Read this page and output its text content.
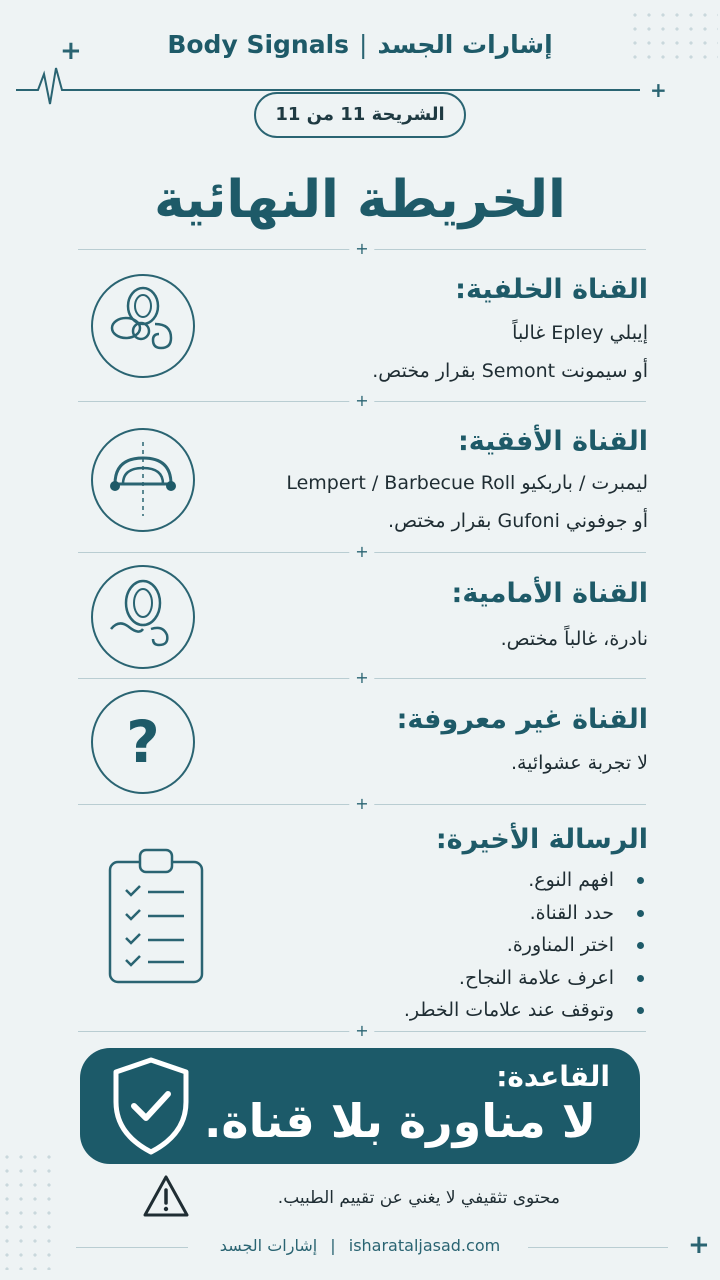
+
+
+
Body Signals | إشارات الجسد
الشريحة 11 من 11
الخريطة النهائية
+
القناة الخلفية:
إيبلي Epley غالباً
أو سيمونت Semont بقرار مختص.
+
القناة الأفقية:
ليمبرت / باربكيو Lempert / Barbecue Roll
أو جوفوني Gufoni بقرار مختص.
+
القناة الأمامية:
نادرة، غالباً مختص.
+
?	القناة غير معروفة:
لا تجربة عشوائية.
+
الرسالة الأخيرة:
افهم النوع.
حدد القناة.
اختر المناورة.
اعرف علامة النجاح.
وتوقف عند علامات الخطر.
+
القاعدة:
لا مناورة بلا قناة.
محتوى تثقيفي لا يغني عن تقييم الطبيب.
إشارات الجسد | isharataljasad.com
